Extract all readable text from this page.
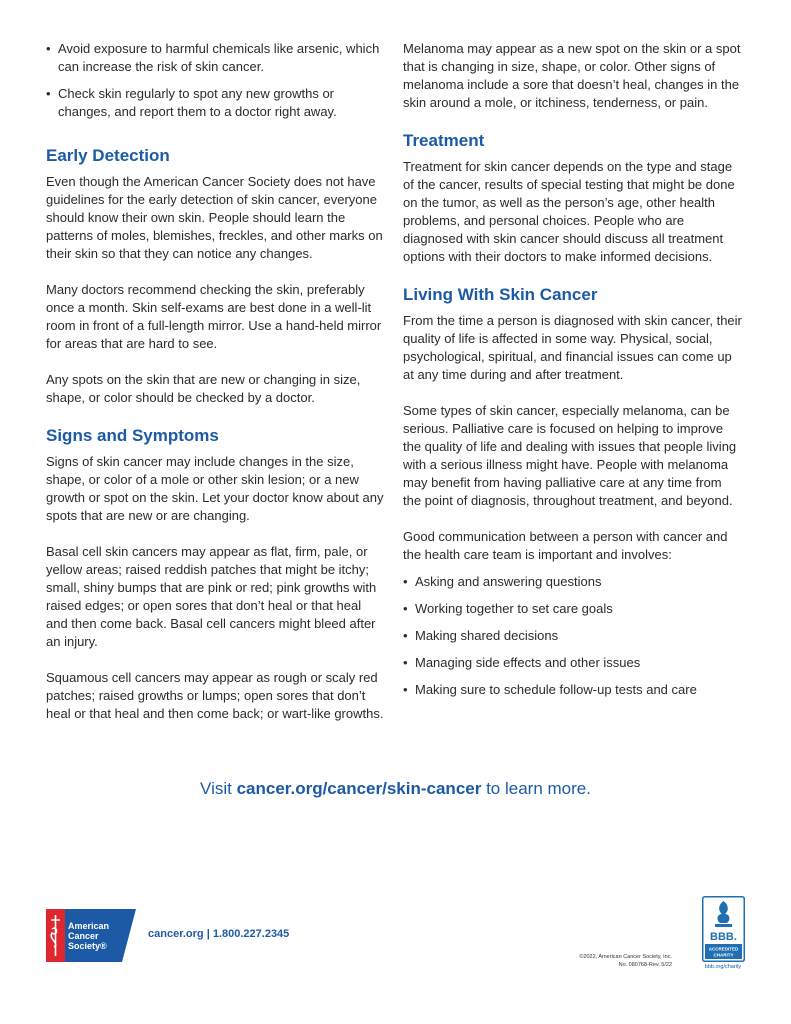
• Avoid exposure to harmful chemicals like arsenic, which can increase the risk of skin cancer.
• Check skin regularly to spot any new growths or changes, and report them to a doctor right away.
Early Detection

Even though the American Cancer Society does not have guidelines for the early detection of skin cancer, everyone should know their own skin. People should learn the patterns of moles, blemishes, freckles, and other marks on their skin so that they can notice any changes.

Many doctors recommend checking the skin, preferably once a month. Skin self-exams are best done in a well-lit room in front of a full-length mirror. Use a hand-held mirror for areas that are hard to see.

Any spots on the skin that are new or changing in size, shape, or color should be checked by a doctor.

Signs and Symptoms

Signs of skin cancer may include changes in the size, shape, or color of a mole or other skin lesion; or a new growth or spot on the skin. Let your doctor know about any spots that are new or are changing.

Basal cell skin cancers may appear as flat, firm, pale, or yellow areas; raised reddish patches that might be itchy; small, shiny bumps that are pink or red; pink growths with raised edges; or open sores that don’t heal or that heal and then come back. Basal cell cancers might bleed after an injury.

Squamous cell cancers may appear as rough or scaly red patches; raised growths or lumps; open sores that don’t heal or that heal and then come back; or wart-like growths.

Melanoma may appear as a new spot on the skin or a spot that is changing in size, shape, or color. Other signs of melanoma include a sore that doesn’t heal, changes in the skin around a mole, or itchiness, tenderness, or pain.

Treatment

Treatment for skin cancer depends on the type and stage of the cancer, results of special testing that might be done on the tumor, as well as the person’s age, other health problems, and personal choices. People who are diagnosed with skin cancer should discuss all treatment options with their doctors to make informed decisions.

Living With Skin Cancer

From the time a person is diagnosed with skin cancer, their quality of life is affected in some way. Physical, social, psychological, spiritual, and financial issues can come up at any time during and after treatment.

Some types of skin cancer, especially melanoma, can be serious. Palliative care is focused on helping to improve the quality of life and dealing with issues that people living with a serious illness might have. People with melanoma may benefit from having palliative care at any time from the point of diagnosis, throughout treatment, and beyond.

Good communication between a person with cancer and the health care team is important and involves:

• Asking and answering questions
• Working together to set care goals
• Making shared decisions
• Managing side effects and other issues
• Making sure to schedule follow-up tests and care
Visit cancer.org/cancer/skin-cancer to learn more.
American
Cancer
Society®
cancer.org | 1.800.227.2345
©2022, American Cancer Society, Inc.
No. 080768-Rev. 5/22
BBB.
ACCREDITED
CHARITY
bbb.org/charity
